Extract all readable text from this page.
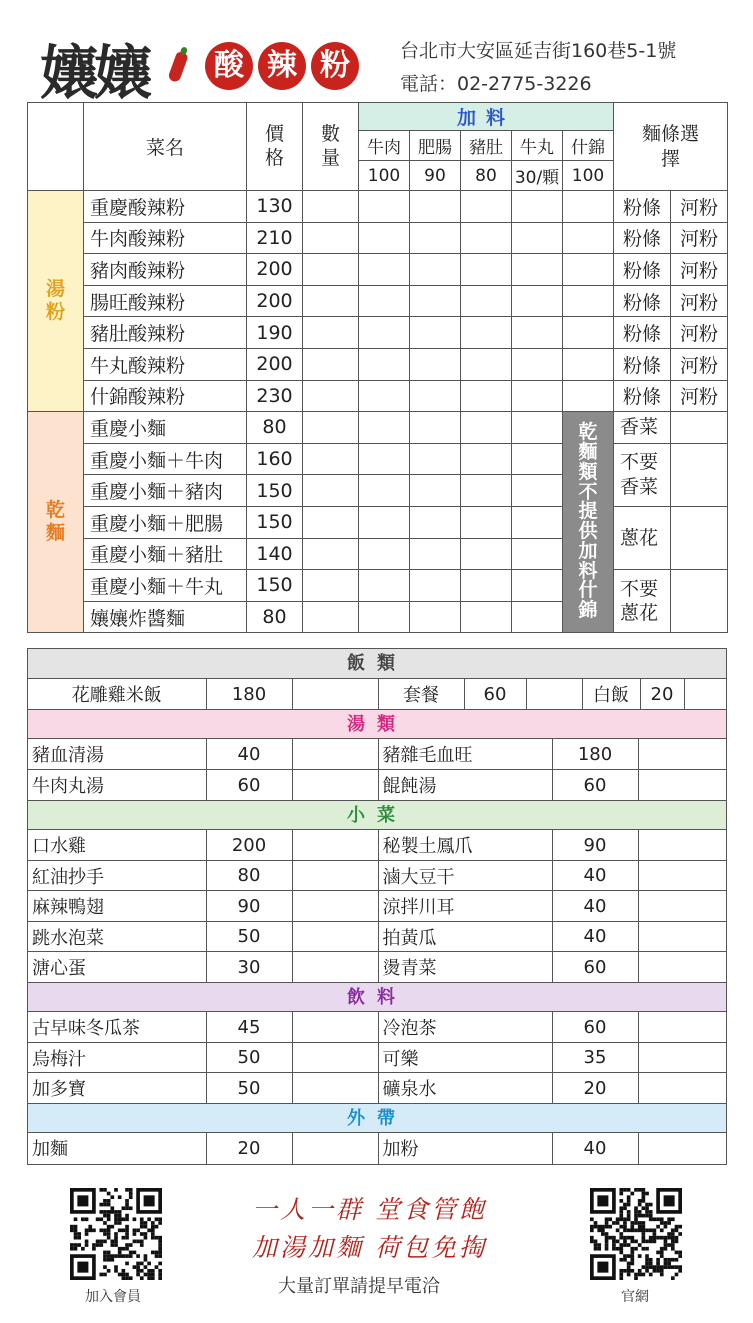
孃孃	酸 辣 粉	台北市大安區延吉街160巷5-1號
電話：02-2775-3226
	菜名	價格	數量	加料					麵條選擇	
				牛肉	肥腸	豬肚	牛丸	什錦		
				100	90	80	30/顆	100		
湯粉	重慶酸辣粉	130							粉條	河粉
	牛肉酸辣粉	210							粉條	河粉
	豬肉酸辣粉	200							粉條	河粉
	腸旺酸辣粉	200							粉條	河粉
	豬肚酸辣粉	190							粉條	河粉
	牛丸酸辣粉	200							粉條	河粉
	什錦酸辣粉	230							粉條	河粉
乾麵	重慶小麵	80						乾麵類不提供加料什錦	香菜	
	重慶小麵＋牛肉	160							不要香菜	
	重慶小麵＋豬肉	150								
	重慶小麵＋肥腸	150							蔥花	
	重慶小麵＋豬肚	140								
	重慶小麵＋牛丸	150							不要蔥花	
	孃孃炸醬麵	80								
飯類
花雕雞米飯	180		套餐	60		白飯	20	
湯類
豬血清湯	40		豬雜毛血旺	180	
牛肉丸湯	60		餛飩湯	60	
小菜
口水雞	200		秘製土鳳爪	90	
紅油抄手	80		滷大豆干	40	
麻辣鴨翅	90		涼拌川耳	40	
跳水泡菜	50		拍黃瓜	40	
溏心蛋	30		燙青菜	60	
飲料
古早味冬瓜茶	45		冷泡茶	60	
烏梅汁	50		可樂	35	
加多寶	50		礦泉水	20	
外帶
加麵	20		加粉	40	
加入會員
一人一群 堂食管飽
加湯加麵 荷包免掏
大量訂單請提早電洽	官網
